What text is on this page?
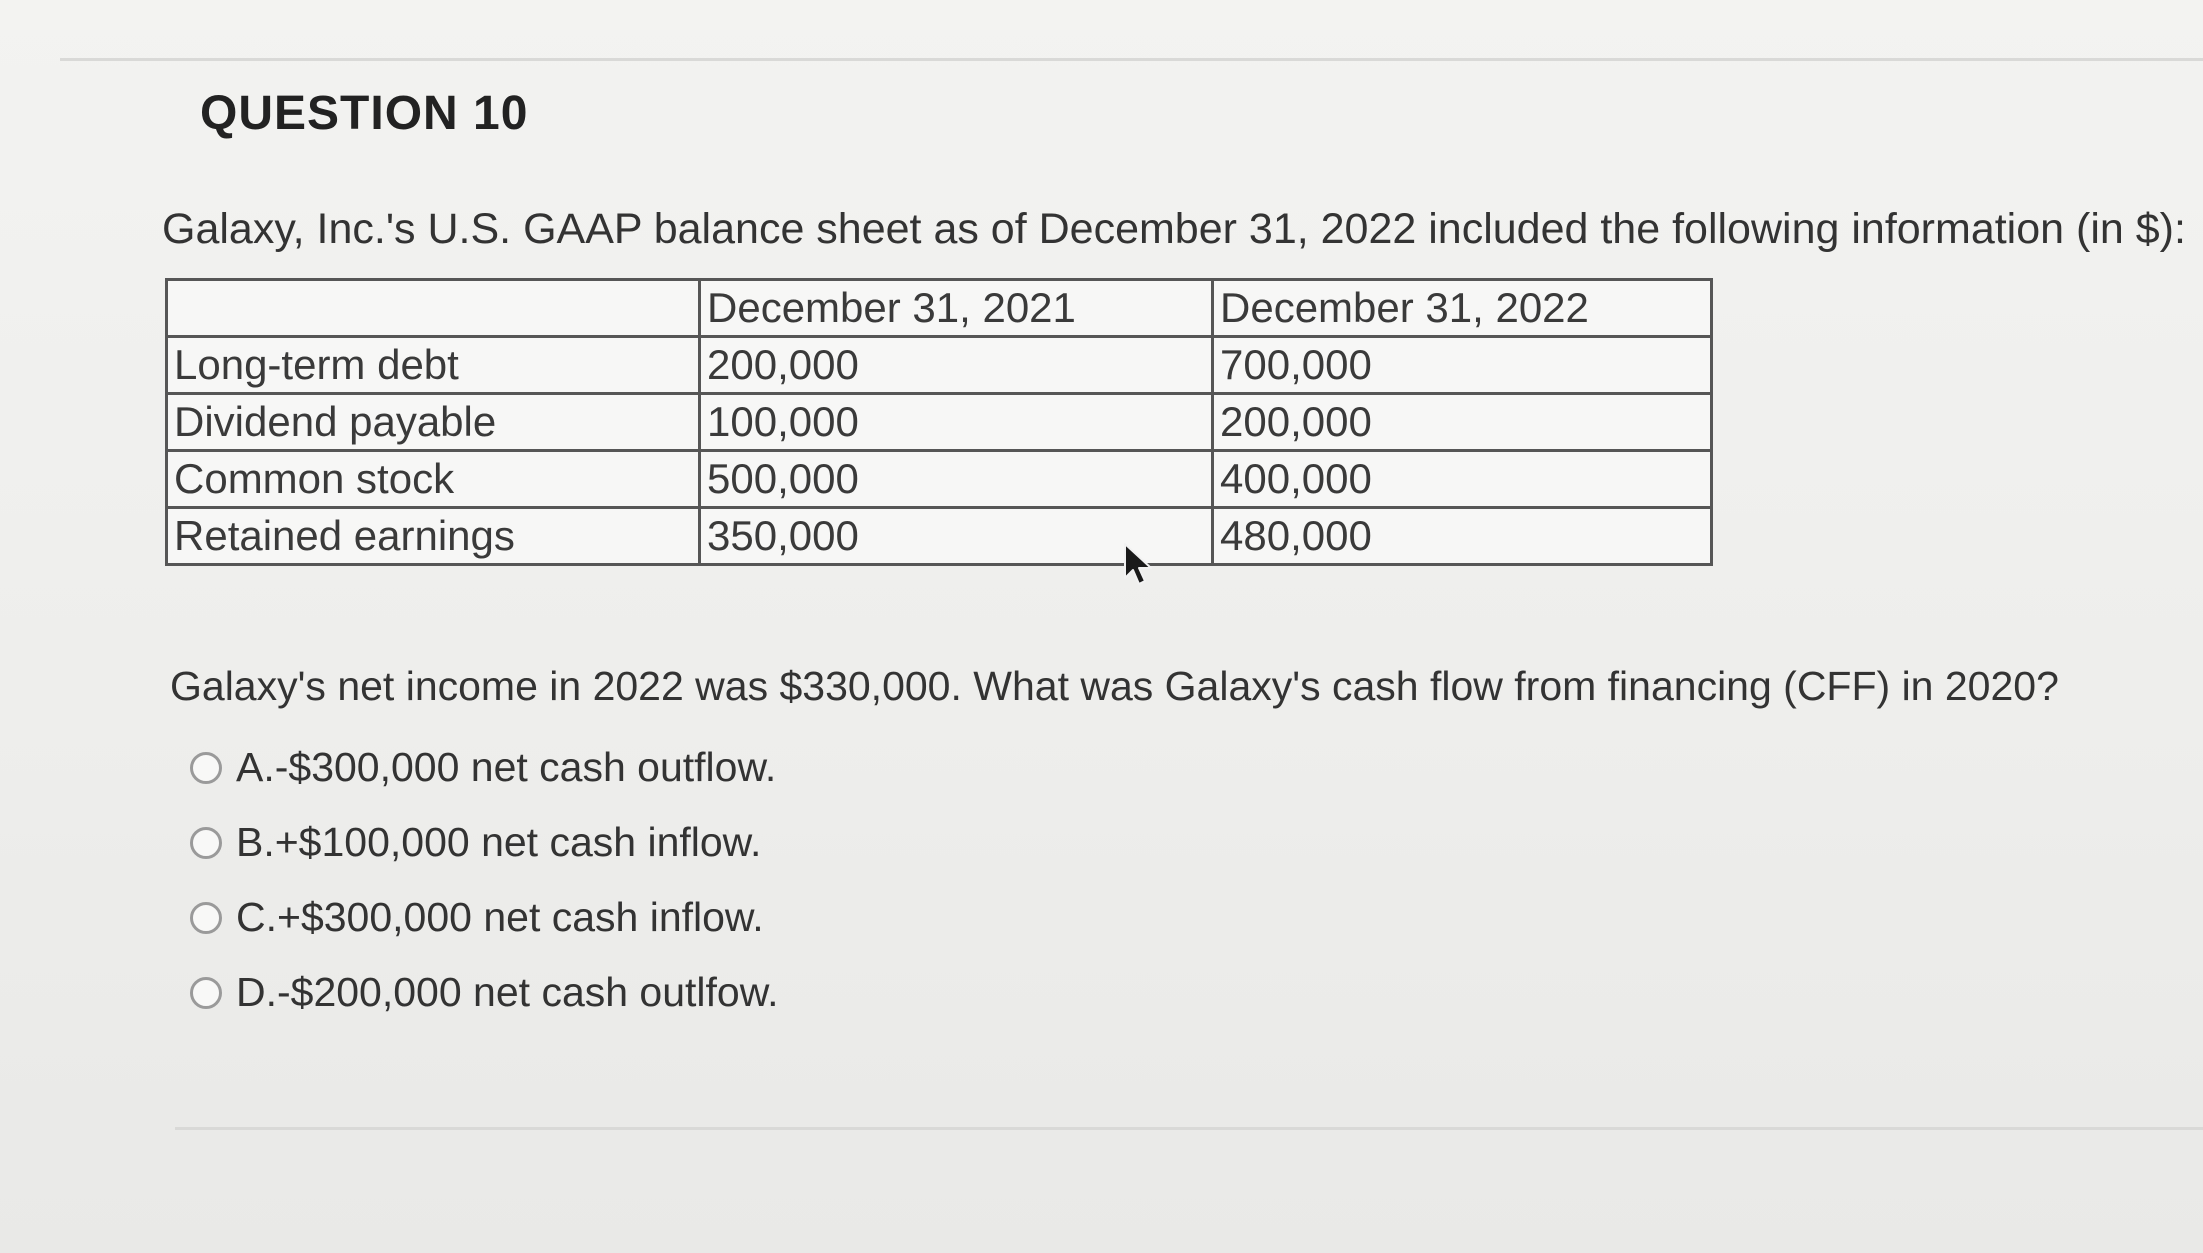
QUESTION 10
Galaxy, Inc.'s U.S. GAAP balance sheet as of December 31, 2022 included the following information (in $):
	December 31, 2021	December 31, 2022
Long-term debt	200,000	700,000
Dividend payable	100,000	200,000
Common stock	500,000	400,000
Retained earnings	350,000	480,000
Galaxy's net income in 2022 was $330,000. What was Galaxy's cash flow from financing (CFF) in 2020?
A.-$300,000 net cash outflow.
B.+$100,000 net cash inflow.
C.+$300,000 net cash inflow.
D.-$200,000 net cash outlfow.
